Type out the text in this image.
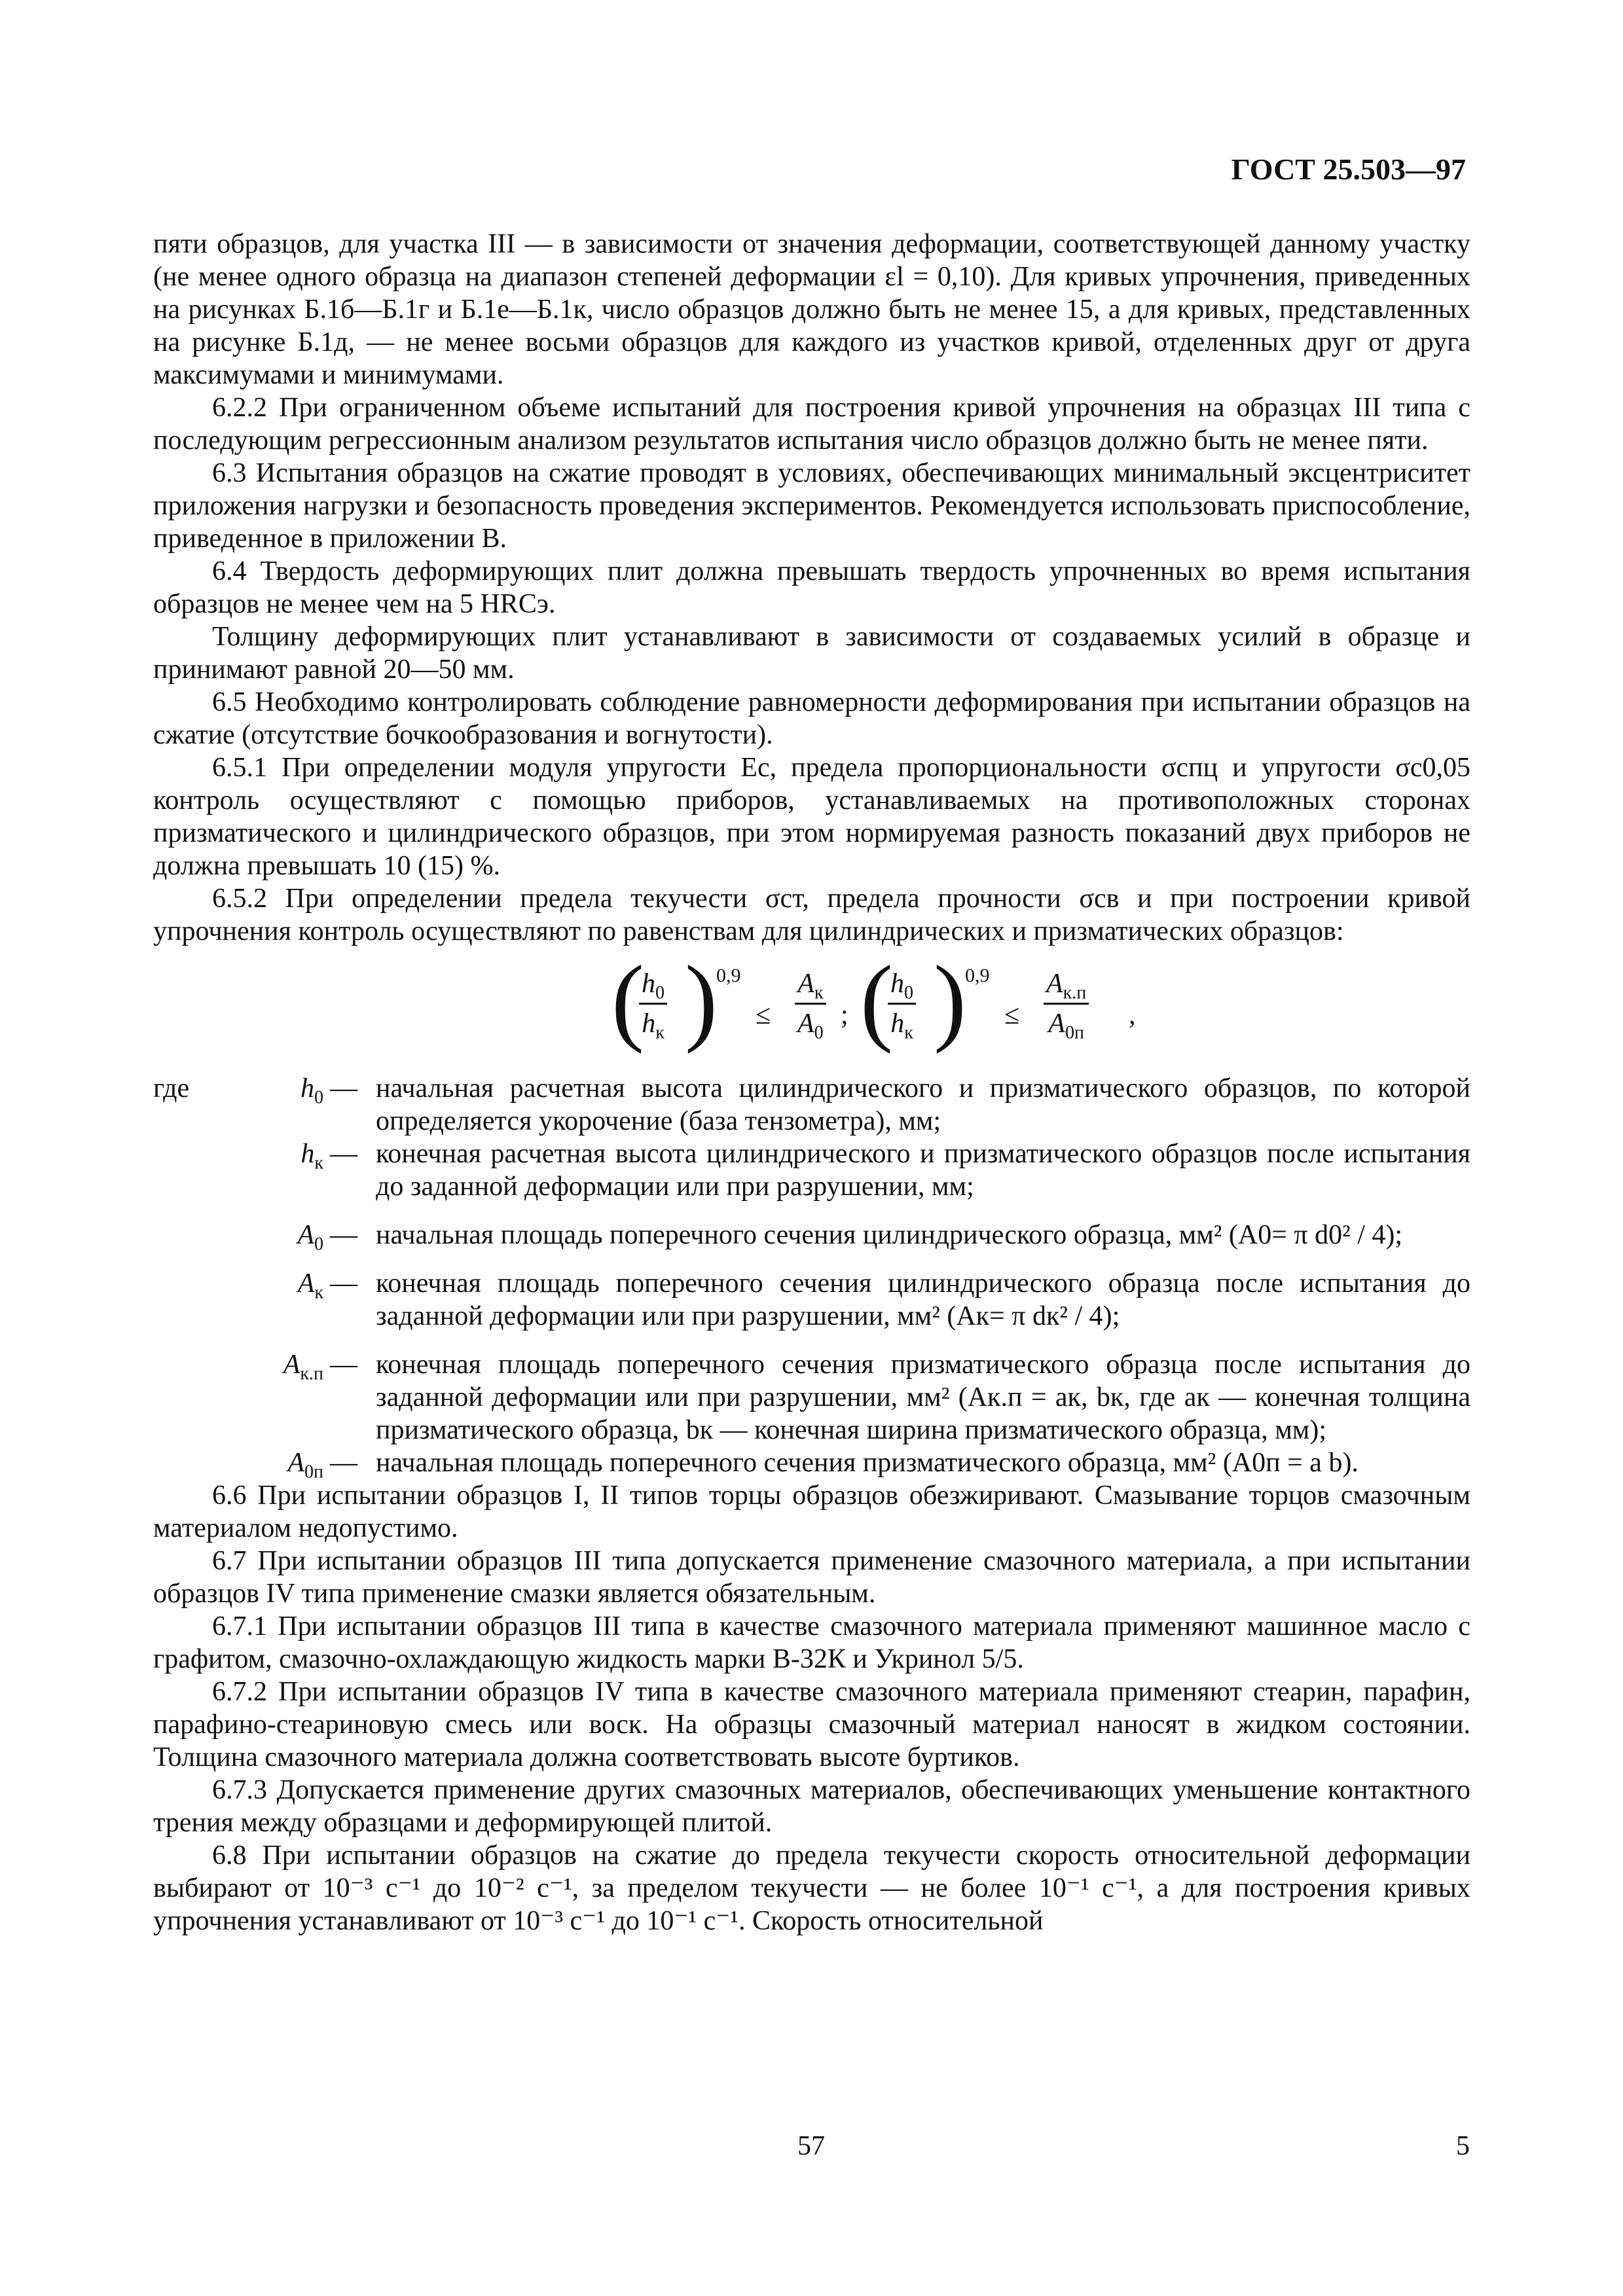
ГОСТ 25.503—97

пяти образцов, для участка III — в зависимости от значения деформации, соответствующей данному участку (не менее одного образца на диапазон степеней деформации εl = 0,10). Для кривых упрочнения, приведенных на рисунках Б.1б—Б.1г и Б.1е—Б.1к, число образцов должно быть не менее 15, а для кривых, представленных на рисунке Б.1д, — не менее восьми образцов для каждого из участков кривой, отделенных друг от друга максимумами и минимумами.

6.2.2 При ограниченном объеме испытаний для построения кривой упрочнения на образцах III типа с последующим регрессионным анализом результатов испытания число образцов должно быть не менее пяти.

6.3 Испытания образцов на сжатие проводят в условиях, обеспечивающих минимальный эксцентриситет приложения нагрузки и безопасность проведения экспериментов. Рекомендуется использовать приспособление, приведенное в приложении В.

6.4 Твердость деформирующих плит должна превышать твердость упрочненных во время испытания образцов не менее чем на 5 HRCэ.

Толщину деформирующих плит устанавливают в зависимости от создаваемых усилий в образце и принимают равной 20—50 мм.

6.5 Необходимо контролировать соблюдение равномерности деформирования при испытании образцов на сжатие (отсутствие бочкообразования и вогнутости).

6.5.1 При определении модуля упругости Eс, предела пропорциональности σспц и упругости σс0,05 контроль осуществляют с помощью приборов, устанавливаемых на противоположных сторонах призматического и цилиндрического образцов, при этом нормируемая разность показаний двух приборов не должна превышать 10 (15) %.

6.5.2 При определении предела текучести σст, предела прочности σсв и при построении кривой упрочнения контроль осуществляют по равенствам для цилиндрических и призматических образцов:

(
$h_0$
$h_к$ )
0,9
≤
$A_к$
$A_0$
; (
$h_0$
$h_к$ )
0,9
≤
$A_{к.п}$
$A_{0п}$
,
где	$h_0$ — начальная расчетная высота цилиндрического и призматического образцов, по которой определяется укорочение (база тензометра), мм;
$h_к$ — конечная расчетная высота цилиндрического и призматического образцов после испытания до заданной деформации или при разрушении, мм;
$A_0$ — начальная площадь поперечного сечения цилиндрического образца, мм² (A0= π d0² / 4);
$A_к$ — конечная площадь поперечного сечения цилиндрического образца после испытания до заданной деформации или при разрушении, мм² (Aк= π dк² / 4);
$A_{к.п}$ — конечная площадь поперечного сечения призматического образца после испытания до заданной деформации или при разрушении, мм² (Aк.п = aк, bк, где aк — конечная толщина призматического образца, bк — конечная ширина призматического образца, мм);
$A_{0п}$ — начальная площадь поперечного сечения призматического образца, мм² (A0п = a b).

6.6 При испытании образцов I, II типов торцы образцов обезжиривают. Смазывание торцов смазочным материалом недопустимо.

6.7 При испытании образцов III типа допускается применение смазочного материала, а при испытании образцов IV типа применение смазки является обязательным.

6.7.1 При испытании образцов III типа в качестве смазочного материала применяют машинное масло с графитом, смазочно-охлаждающую жидкость марки В-32К и Укринол 5/5.

6.7.2 При испытании образцов IV типа в качестве смазочного материала применяют стеарин, парафин, парафино-стеариновую смесь или воск. На образцы смазочный материал наносят в жидком состоянии. Толщина смазочного материала должна соответствовать высоте буртиков.

6.7.3 Допускается применение других смазочных материалов, обеспечивающих уменьшение контактного трения между образцами и деформирующей плитой.

6.8 При испытании образцов на сжатие до предела текучести скорость относительной деформации выбирают от 10⁻³ с⁻¹ до 10⁻² с⁻¹, за пределом текучести — не более 10⁻¹ с⁻¹, а для построения кривых упрочнения устанавливают от 10⁻³ с⁻¹ до 10⁻¹ с⁻¹. Скорость относительной

57	5
